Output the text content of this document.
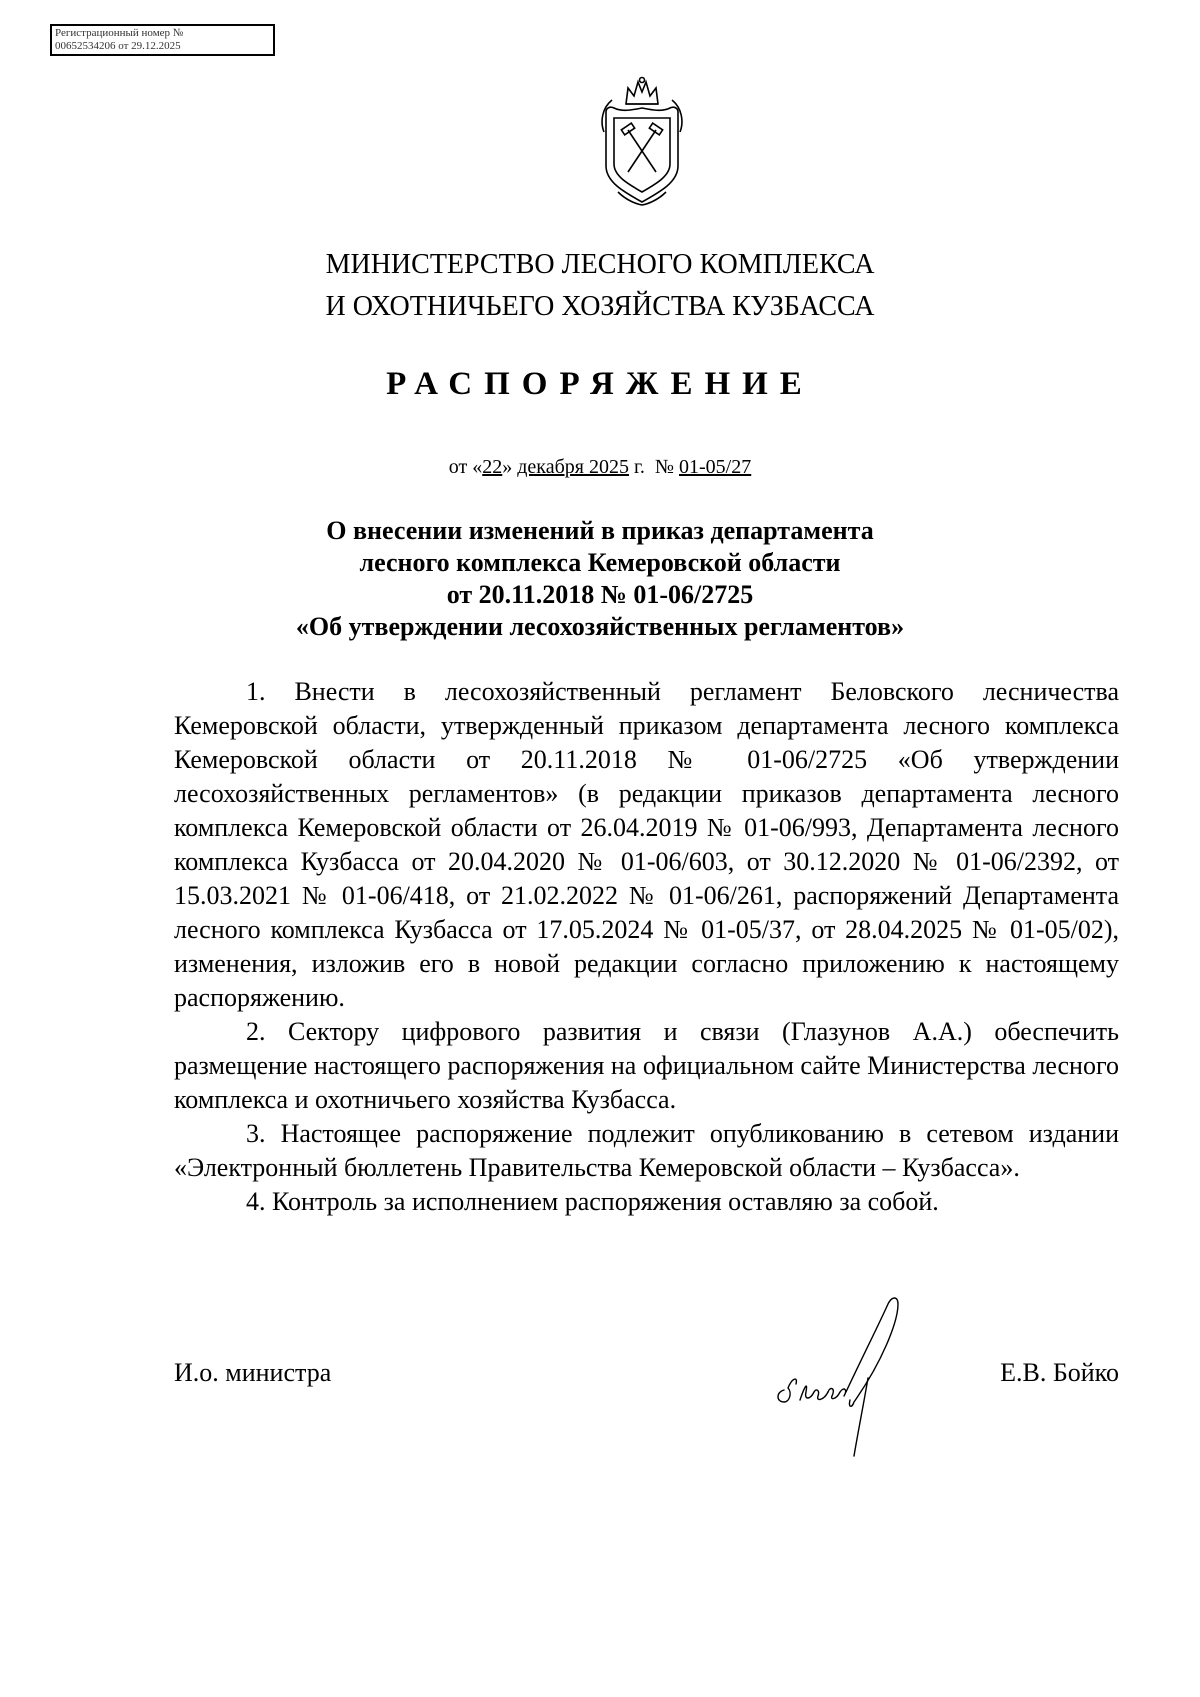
Регистрационный номер №
00652534206 от 29.12.2025
МИНИСТЕРСТВО ЛЕСНОГО КОМПЛЕКСА
И ОХОТНИЧЬЕГО ХОЗЯЙСТВА КУЗБАССА
РАСПОРЯЖЕНИЕ
от «22» декабря 2025 г. № 01-05/27
О внесении изменений в приказ департамента
лесного комплекса Кемеровской области
от 20.11.2018 № 01-06/2725
«Об утверждении лесохозяйственных регламентов»

1. Внести в лесохозяйственный регламент Беловского лесничества Кемеровской области, утвержденный приказом департамента лесного комплекса Кемеровской области от 20.11.2018 № 01-06/2725 «Об утверждении лесохозяйственных регламентов» (в редакции приказов департамента лесного комплекса Кемеровской области от 26.04.2019 № 01-06/993, Департамента лесного комплекса Кузбасса от 20.04.2020 № 01-06/603, от 30.12.2020 № 01-06/2392, от 15.03.2021 № 01-06/418, от 21.02.2022 № 01-06/261, распоряжений Департамента лесного комплекса Кузбасса от 17.05.2024 № 01-05/37, от 28.04.2025 № 01-05/02), изменения, изложив его в новой редакции согласно приложению к настоящему распоряжению.

2. Сектору цифрового развития и связи (Глазунов А.А.) обеспечить размещение настоящего распоряжения на официальном сайте Министерства лесного комплекса и охотничьего хозяйства Кузбасса.

3. Настоящее распоряжение подлежит опубликованию в сетевом издании «Электронный бюллетень Правительства Кемеровской области – Кузбасса».

4. Контроль за исполнением распоряжения оставляю за собой.

И.о. министра	Е.В. Бойко
